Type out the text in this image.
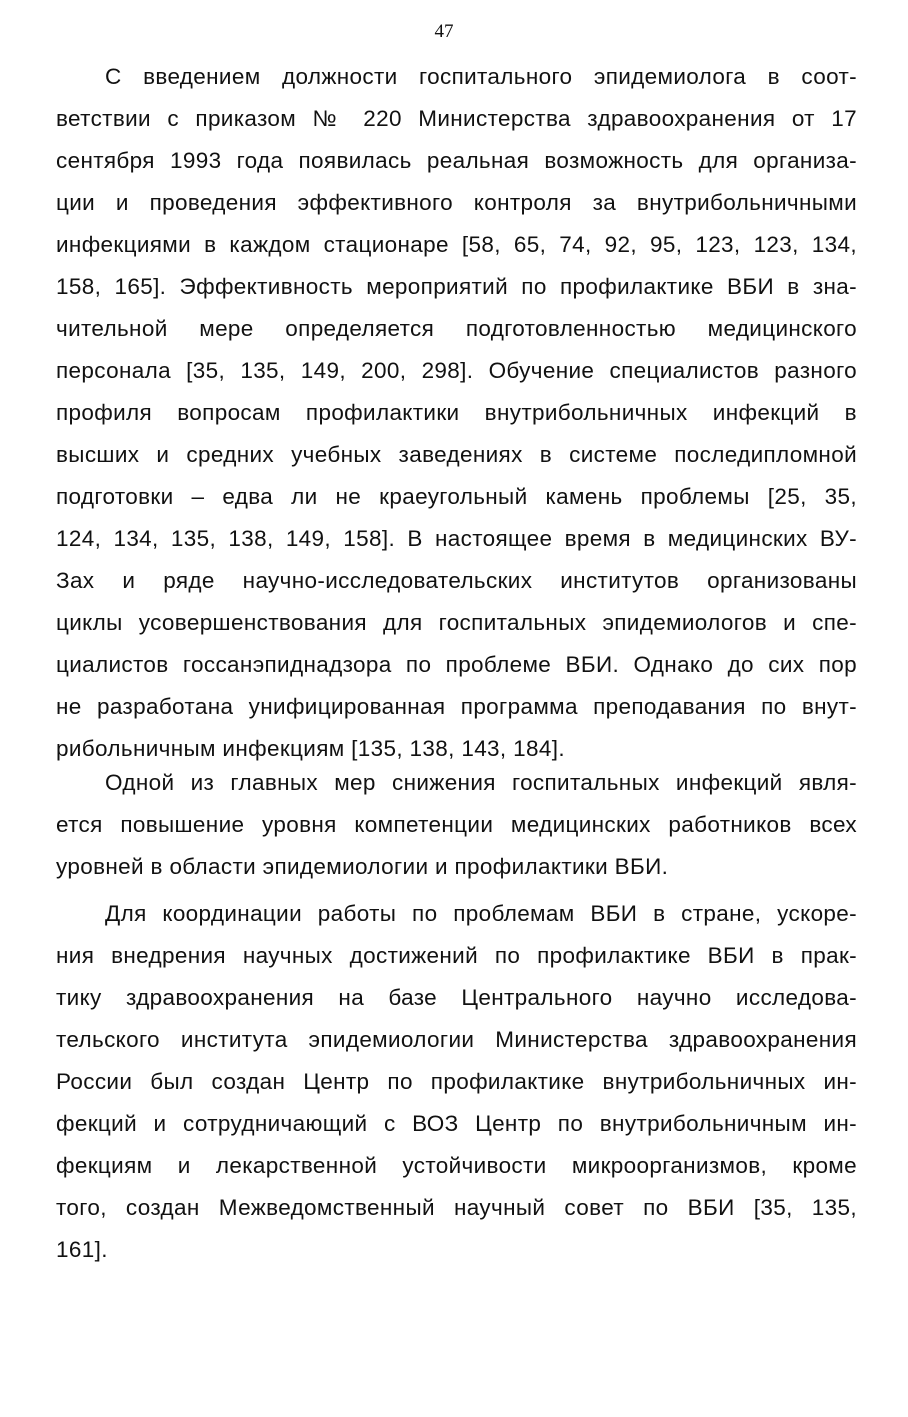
47
С введением должности госпитального эпидемиолога в соот-
ветствии с приказом № 220 Министерства здравоохранения от 17
сентября 1993 года появилась реальная возможность для организа-
ции и проведения эффективного контроля за внутрибольничными
инфекциями в каждом стационаре [58, 65, 74, 92, 95, 123, 123, 134,
158, 165]. Эффективность мероприятий по профилактике ВБИ в зна-
чительной мере определяется подготовленностью медицинского
персонала [35, 135, 149, 200, 298]. Обучение специалистов разного
профиля вопросам профилактики внутрибольничных инфекций в
высших и средних учебных заведениях в системе последипломной
подготовки – едва ли не краеугольный камень проблемы [25, 35,
124, 134, 135, 138, 149, 158]. В настоящее время в медицинских ВУ-
Зах и ряде научно-исследовательских институтов организованы
циклы усовершенствования для госпитальных эпидемиологов и спе-
циалистов госсанэпиднадзора по проблеме ВБИ. Однако до сих пор
не разработана унифицированная программа преподавания по внут-
рибольничным инфекциям [135, 138, 143, 184].
Одной из главных мер снижения госпитальных инфекций явля-
ется повышение уровня компетенции медицинских работников всех
уровней в области эпидемиологии и профилактики ВБИ.
Для координации работы по проблемам ВБИ в стране, ускоре-
ния внедрения научных достижений по профилактике ВБИ в прак-
тику здравоохранения на базе Центрального научно исследова-
тельского института эпидемиологии Министерства здравоохранения
России был создан Центр по профилактике внутрибольничных ин-
фекций и сотрудничающий с ВОЗ Центр по внутрибольничным ин-
фекциям и лекарственной устойчивости микроорганизмов, кроме
того, создан Межведомственный научный совет по ВБИ [35, 135,
161].
